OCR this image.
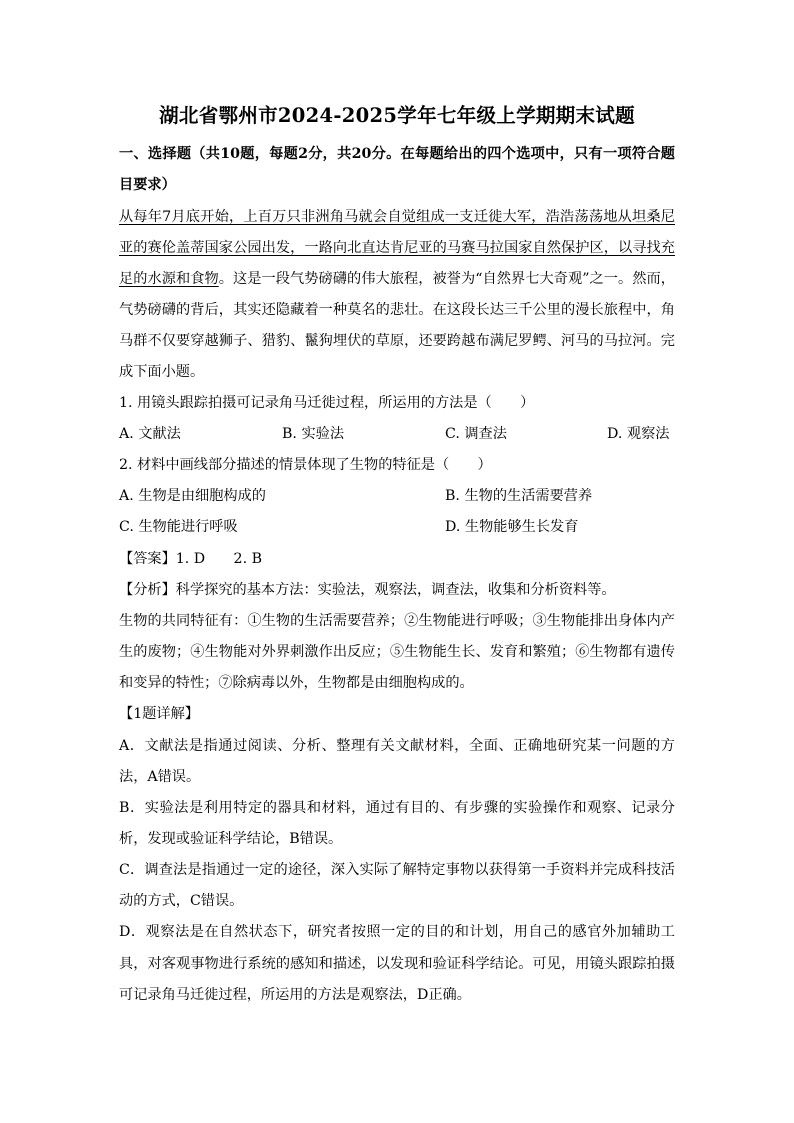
湖北省鄂州市2024-2025学年七年级上学期期末试题
一、选择题（共10题，每题2分，共20分。在每题给出的四个选项中，只有一项符合题
目要求）
从每年7月底开始，上百万只非洲角马就会自觉组成一支迁徙大军，浩浩荡荡地从坦桑尼
亚的赛伦盖蒂国家公园出发，一路向北直达肯尼亚的马赛马拉国家自然保护区，以寻找充
足的水源和食物。这是一段气势磅礴的伟大旅程，被誉为“自然界七大奇观”之一。然而，
气势磅礴的背后，其实还隐藏着一种莫名的悲壮。在这段长达三千公里的漫长旅程中，角
马群不仅要穿越狮子、猎豹、鬣狗埋伏的草原，还要跨越布满尼罗鳄、河马的马拉河。完
成下面小题。
1. 用镜头跟踪拍摄可记录角马迁徙过程，所运用的方法是（　　）
A. 文献法	B. 实验法	C. 调查法	D. 观察法
2. 材料中画线部分描述的情景体现了生物的特征是（　　）
A. 生物是由细胞构成的	B. 生物的生活需要营养
C. 生物能进行呼吸	D. 生物能够生长发育
【答案】1. D　　2. B
【分析】科学探究的基本方法：实验法，观察法，调查法，收集和分析资料等。
生物的共同特征有：①生物的生活需要营养；②生物能进行呼吸；③生物能排出身体内产
生的废物；④生物能对外界刺激作出反应；⑤生物能生长、发育和繁殖；⑥生物都有遗传
和变异的特性；⑦除病毒以外，生物都是由细胞构成的。
【1题详解】
A．文献法是指通过阅读、分析、整理有关文献材料，全面、正确地研究某一问题的方
法，A错误。
B．实验法是利用特定的器具和材料，通过有目的、有步骤的实验操作和观察、记录分
析，发现或验证科学结论，B错误。
C．调查法是指通过一定的途径，深入实际了解特定事物以获得第一手资料并完成科技活
动的方式，C错误。
D．观察法是在自然状态下，研究者按照一定的目的和计划，用自己的感官外加辅助工
具，对客观事物进行系统的感知和描述，以发现和验证科学结论。可见，用镜头跟踪拍摄
可记录角马迁徙过程，所运用的方法是观察法，D正确。
